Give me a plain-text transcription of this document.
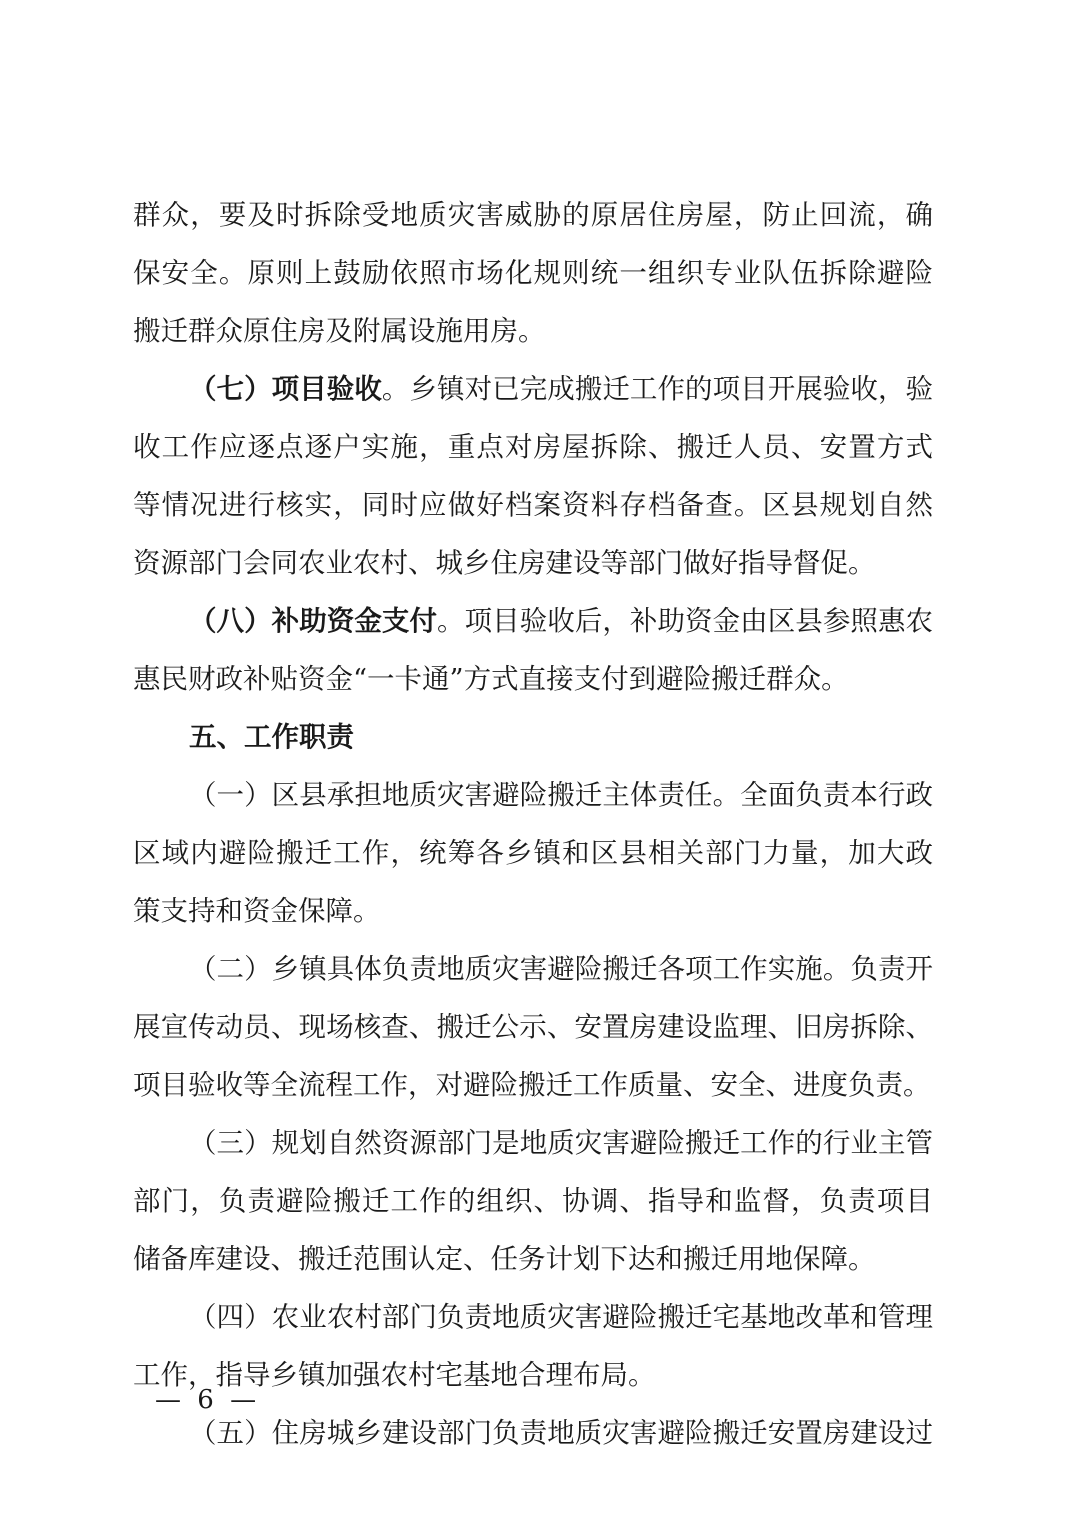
群众，要及时拆除受地质灾害威胁的原居住房屋，防止回流，确
保安全。原则上鼓励依照市场化规则统一组织专业队伍拆除避险
搬迁群众原住房及附属设施用房。
（七）项目验收。乡镇对已完成搬迁工作的项目开展验收，验
收工作应逐点逐户实施，重点对房屋拆除、搬迁人员、安置方式
等情况进行核实，同时应做好档案资料存档备查。区县规划自然
资源部门会同农业农村、城乡住房建设等部门做好指导督促。
（八）补助资金支付。项目验收后，补助资金由区县参照惠农
惠民财政补贴资金“一卡通”方式直接支付到避险搬迁群众。
五、工作职责
（一）区县承担地质灾害避险搬迁主体责任。全面负责本行政
区域内避险搬迁工作，统筹各乡镇和区县相关部门力量，加大政
策支持和资金保障。
（二）乡镇具体负责地质灾害避险搬迁各项工作实施。负责开
展宣传动员、现场核查、搬迁公示、安置房建设监理、旧房拆除、
项目验收等全流程工作，对避险搬迁工作质量、安全、进度负责。
（三）规划自然资源部门是地质灾害避险搬迁工作的行业主管
部门，负责避险搬迁工作的组织、协调、指导和监督，负责项目
储备库建设、搬迁范围认定、任务计划下达和搬迁用地保障。
（四）农业农村部门负责地质灾害避险搬迁宅基地改革和管理
工作，指导乡镇加强农村宅基地合理布局。
（五）住房城乡建设部门负责地质灾害避险搬迁安置房建设过
— 6 —
